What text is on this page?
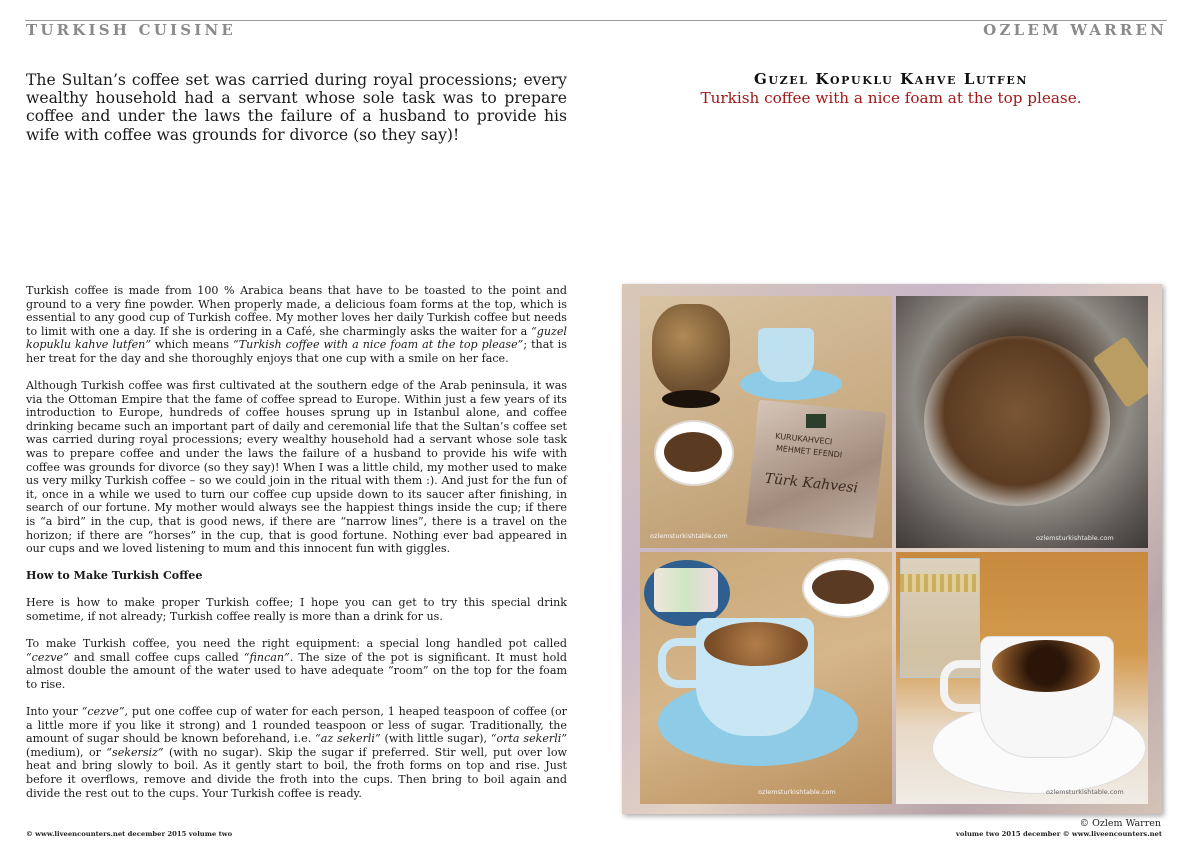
TURKISH CUISINE	OZLEM WARREN
The Sultan’s coffee set was carried during royal processions; every wealthy household had a servant whose sole task was to prepare coffee and under the laws the failure of a husband to provide his wife with coffee was grounds for divorce (so they say)!
Guzel Kopuklu Kahve Lutfen
Turkish coffee with a nice foam at the top please.

Turkish coffee is made from 100 % Arabica beans that have to be toasted to the point and ground to a very fine powder. When properly made, a delicious foam forms at the top, which is essential to any good cup of Turkish coffee. My mother loves her daily Turkish coffee but needs to limit with one a day. If she is ordering in a Café, she charmingly asks the waiter for a “guzel kopuklu kahve lutfen” which means “Turkish coffee with a nice foam at the top please”; that is her treat for the day and she thoroughly enjoys that one cup with a smile on her face.

Although Turkish coffee was first cultivated at the southern edge of the Arab peninsula, it was via the Ottoman Empire that the fame of coffee spread to Europe. Within just a few years of its introduction to Europe, hundreds of coffee houses sprung up in Istanbul alone, and coffee drinking became such an important part of daily and ceremonial life that the Sultan’s coffee set was carried during royal processions; every wealthy household had a servant whose sole task was to prepare coffee and under the laws the failure of a husband to provide his wife with coffee was grounds for divorce (so they say)! When I was a little child, my mother used to make us very milky Turkish coffee – so we could join in the ritual with them :). And just for the fun of it, once in a while we used to turn our coffee cup upside down to its saucer after finishing, in search of our fortune. My mother would always see the happiest things inside the cup; if there is “a bird” in the cup, that is good news, if there are “narrow lines”, there is a travel on the horizon; if there are “horses” in the cup, that is good fortune. Nothing ever bad appeared in our cups and we loved listening to mum and this innocent fun with giggles.

How to Make Turkish Coffee

Here is how to make proper Turkish coffee; I hope you can get to try this special drink sometime, if not already; Turkish coffee really is more than a drink for us.

To make Turkish coffee, you need the right equipment: a special long handled pot called “cezve” and small coffee cups called “fincan”. The size of the pot is significant. It must hold almost double the amount of the water used to have adequate “room” on the top for the foam to rise.

Into your “cezve”, put one coffee cup of water for each person, 1 heaped teaspoon of coffee (or a little more if you like it strong) and 1 rounded teaspoon or less of sugar. Traditionally, the amount of sugar should be known beforehand, i.e. “az sekerli” (with little sugar), “orta sekerli” (medium), or “sekersiz” (with no sugar). Skip the sugar if preferred. Stir well, put over low heat and bring slowly to boil. As it gently start to boil, the froth forms on top and rise. Just before it overflows, remove and divide the froth into the cups. Then bring to boil again and divide the rest out to the cups. Your Turkish coffee is ready.

KURUKAHVECI
MEHMET EFENDI
Türk Kahvesi
ozlemsturkishtable.com	ozlemsturkishtable.com
ozlemsturkishtable.com	ozlemsturkishtable.com
© Ozlem Warren
© www.liveencounters.net december 2015 volume two	volume two 2015 december © www.liveencounters.net
